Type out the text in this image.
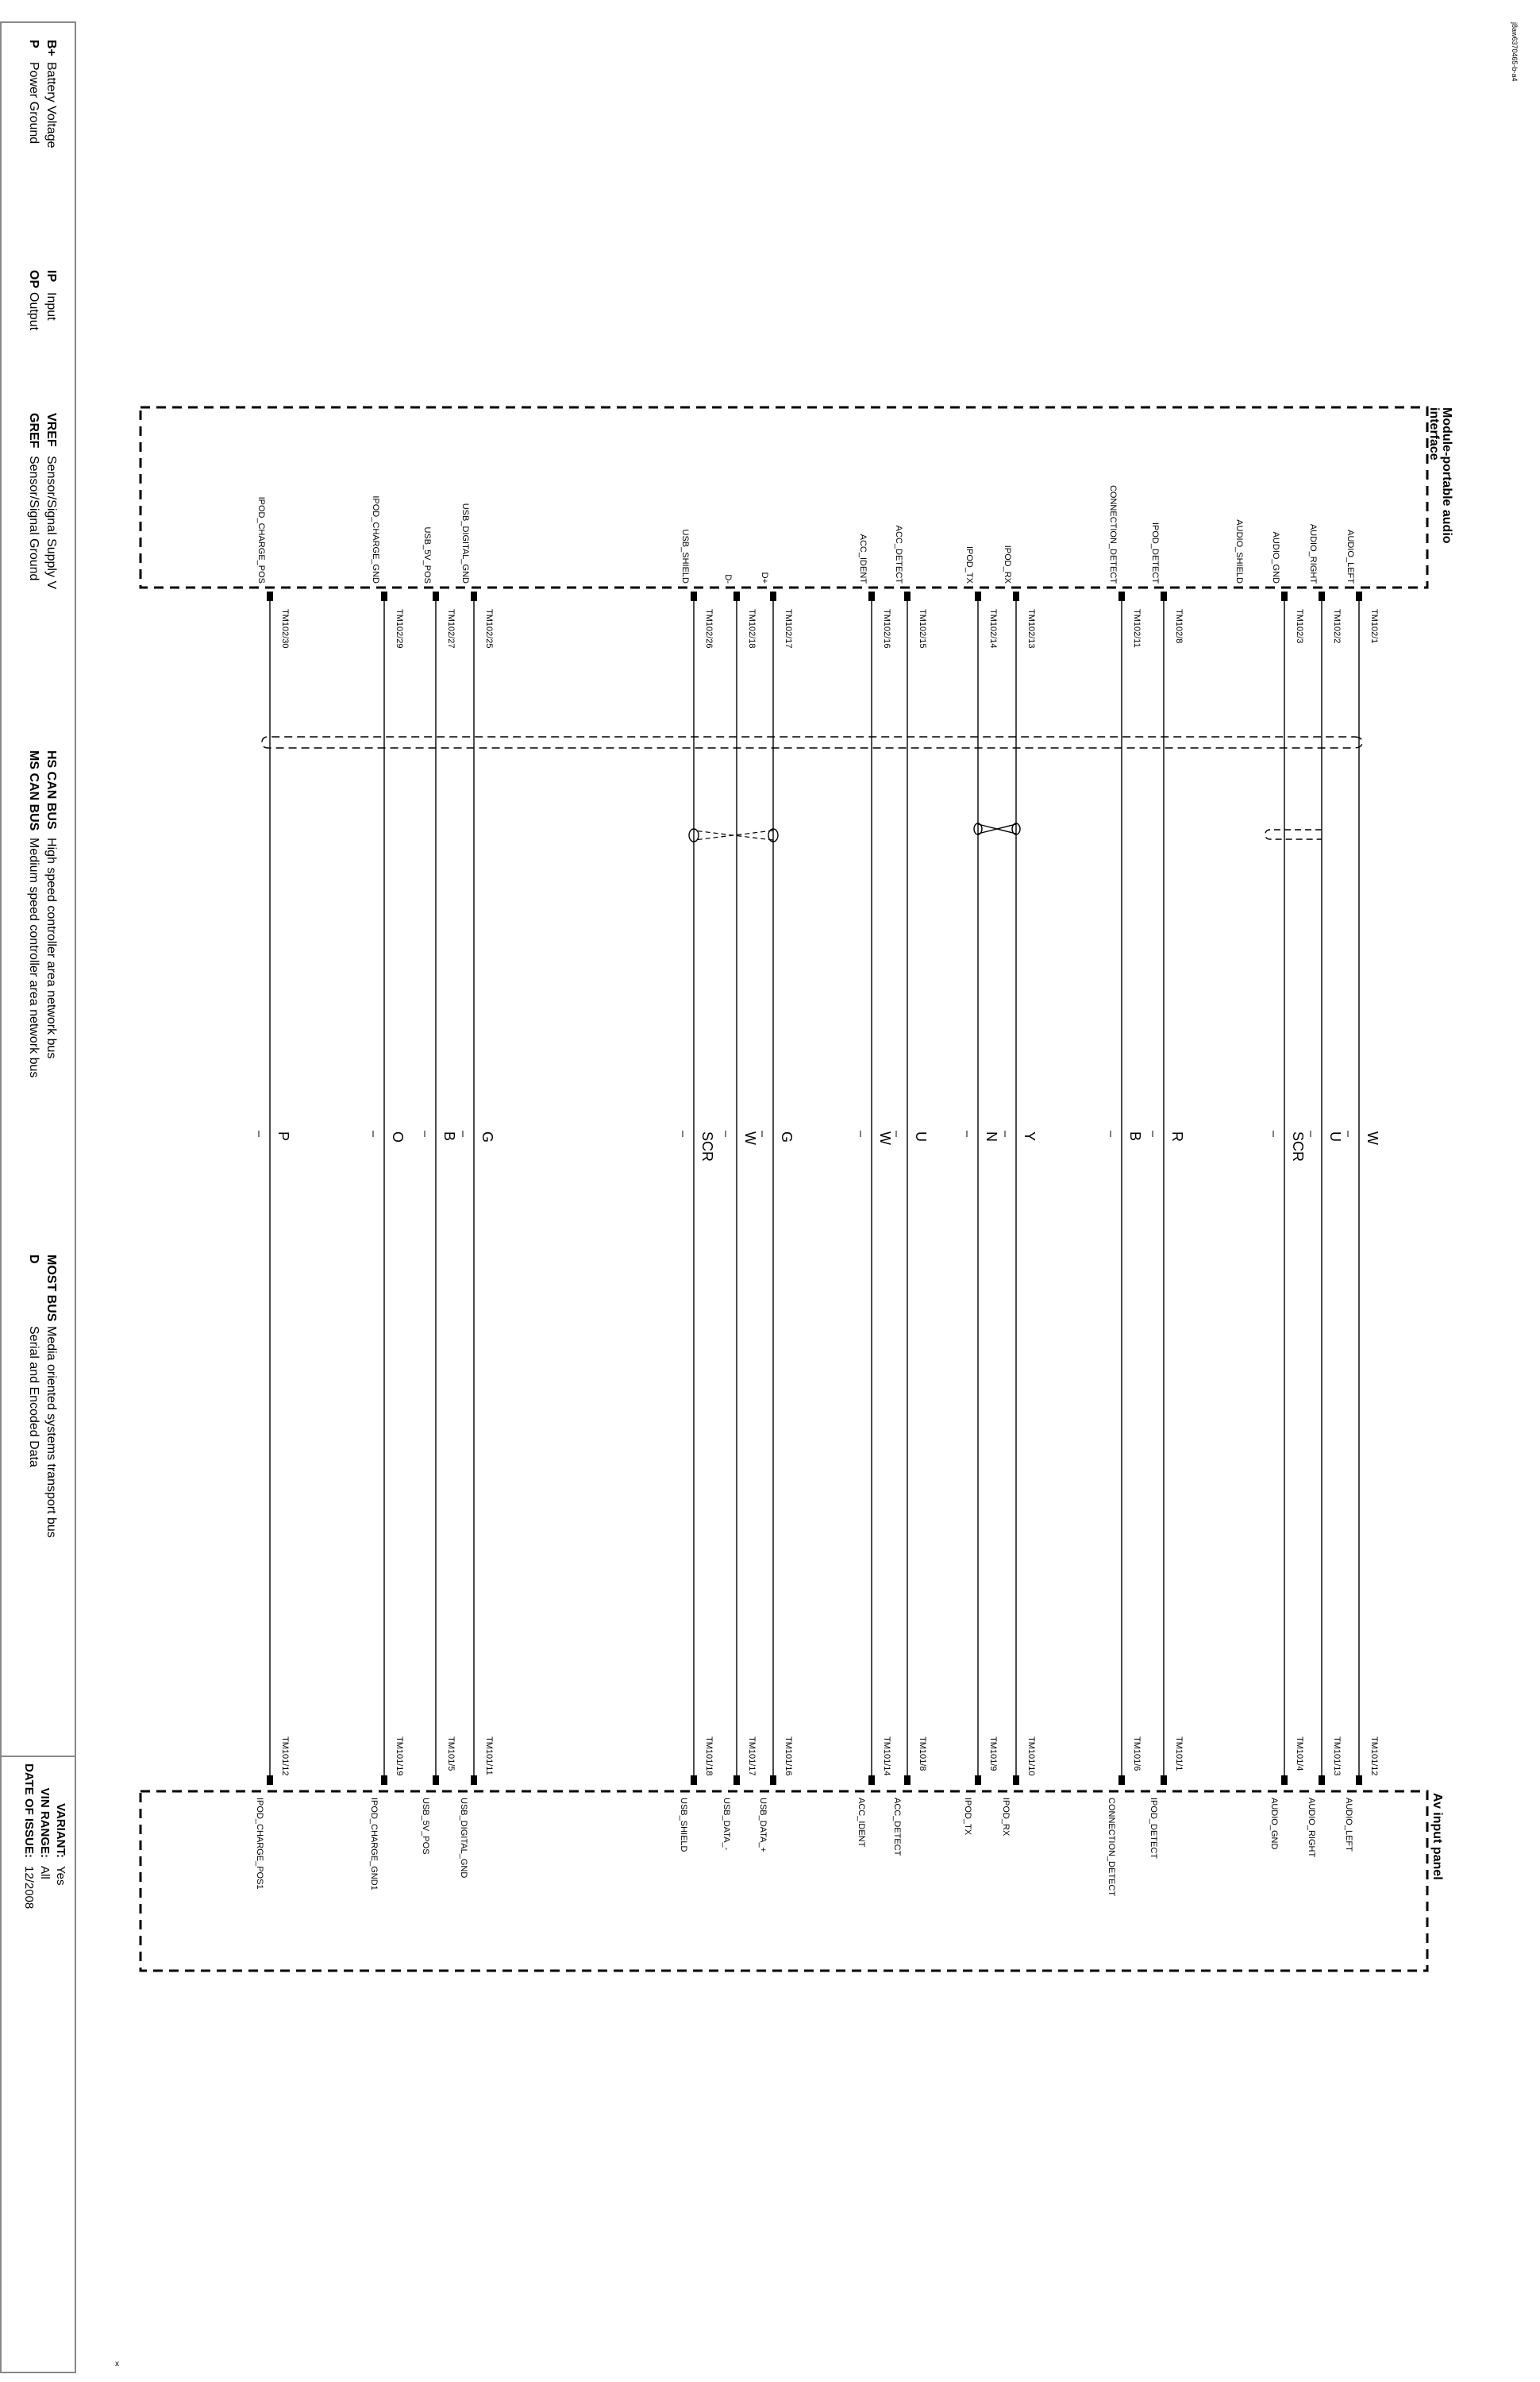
B+
Battery Voltage
P
Power Ground
IP
Input
OP
Output
VREF
Sensor/Signal Supply V
GREF
Sensor/Signal Ground
HS CAN BUS
High speed controller area network bus
MS CAN BUS
Medium speed controller area network bus
MOST BUS
Media oriented systems transport bus
D
Serial and Encoded Data
VARIANT:
Yes
VIN RANGE:
All
DATE OF ISSUE:
12/2008
Module-portable audio
interface
Av input panel
AUDIO_LEFT
TM102/1
TM101/12
W
AUDIO_LEFT
AUDIO_RIGHT
TM102/2
TM101/13
U
AUDIO_RIGHT
AUDIO_GND
TM102/3
TM101/4
SCR
AUDIO_GND
AUDIO_SHIELD
IPOD_DETECT
TM102/8
TM101/1
R
IPOD_DETECT
CONNECTION_DETECT
TM102/11
TM101/6
B
CONNECTION_DETECT
IPOD_RX
TM102/13
TM101/10
Y
IPOD_RX
IPOD_TX
TM102/14
TM101/9
N
IPOD_TX
ACC_DETECT
TM102/15
TM101/8
U
ACC_DETECT
ACC_IDENT
TM102/16
TM101/14
W
ACC_IDENT
D+
TM102/17
TM101/16
G
USB_DATA_+
D-
TM102/18
TM101/17
W
USB_DATA_-
USB_SHIELD
TM102/26
TM101/18
SCR
USB_SHIELD
USB_DIGITAL_GND
TM102/25
TM101/11
G
USB_DIGITAL_GND
USB_5V_POS
TM102/27
TM101/5
B
USB_5V_POS
IPOD_CHARGE_GND
TM102/29
TM101/19
O
IPOD_CHARGE_GND1
IPOD_CHARGE_POS
TM102/30
TM101/12
P
IPOD_CHARGE_POS1
j8aw6370465-b-a4
x
